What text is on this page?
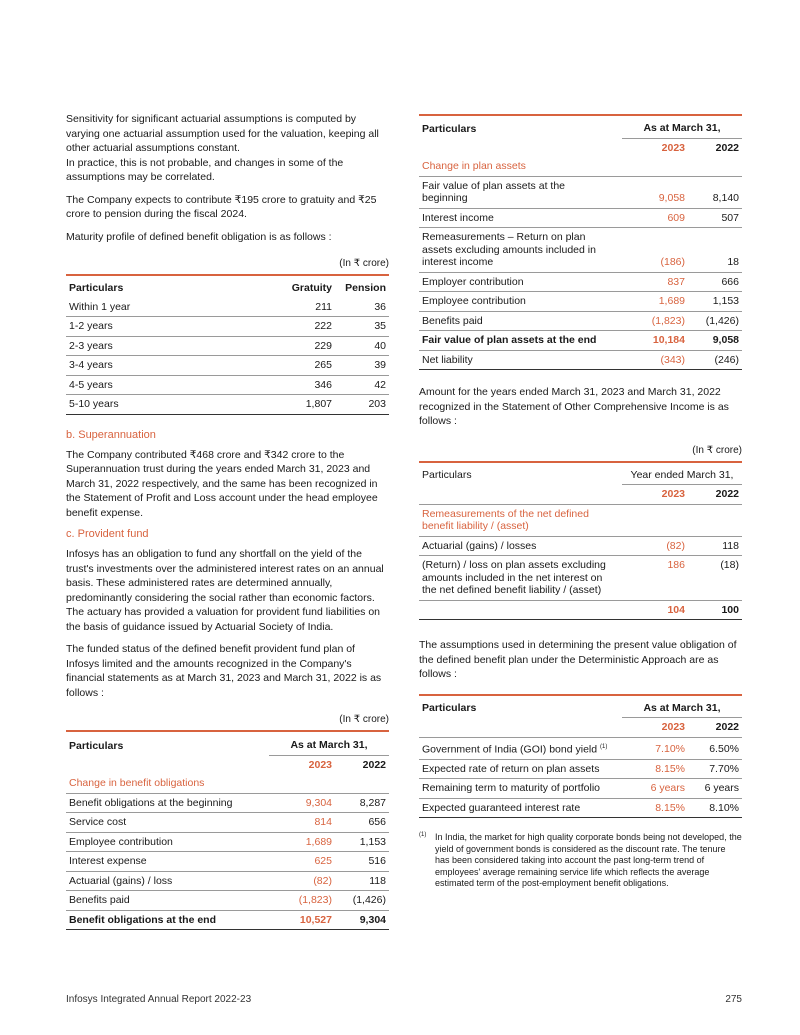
Sensitivity for significant actuarial assumptions is computed by varying one actuarial assumption used for the valuation, keeping all other actuarial assumptions constant.
In practice, this is not probable, and changes in some of the assumptions may be correlated.

The Company expects to contribute ₹195 crore to gratuity and ₹25 crore to pension during the fiscal 2024.

Maturity profile of defined benefit obligation is as follows :

(In ₹ crore)
Particulars	Gratuity	Pension
Within 1 year	211	36
1-2 years	222	35
2-3 years	229	40
3-4 years	265	39
4-5 years	346	42
5-10 years	1,807	203
b. Superannuation

The Company contributed ₹468 crore and ₹342 crore to the Superannuation trust during the years ended March 31, 2023 and March 31, 2022 respectively, and the same has been recognized in the Statement of Profit and Loss account under the head employee benefit expense.

c. Provident fund

Infosys has an obligation to fund any shortfall on the yield of the trust's investments over the administered interest rates on an annual basis. These administered rates are determined annually, predominantly considering the social rather than economic factors. The actuary has provided a valuation for provident fund liabilities on the basis of guidance issued by Actuarial Society of India.

The funded status of the defined benefit provident fund plan of Infosys limited and the amounts recognized in the Company's financial statements as at March 31, 2023 and March 31, 2022 is as follows :

(In ₹ crore)
Particulars	As at March 31,	
	2023	2022
Change in benefit obligations		
Benefit obligations at the beginning	9,304	8,287
Service cost	814	656
Employee contribution	1,689	1,153
Interest expense	625	516
Actuarial (gains) / loss	(82)	118
Benefits paid	(1,823)	(1,426)
Benefit obligations at the end	10,527	9,304
Particulars	As at March 31,	
	2023	2022
Change in plan assets		
Fair value of plan assets at the beginning	9,058	8,140
Interest income	609	507
Remeasurements – Return on plan assets excluding amounts included in interest income	(186)	18
Employer contribution	837	666
Employee contribution	1,689	1,153
Benefits paid	(1,823)	(1,426)
Fair value of plan assets at the end	10,184	9,058
Net liability	(343)	(246)

Amount for the years ended March 31, 2023 and March 31, 2022 recognized in the Statement of Other Comprehensive Income is as follows :

(In ₹ crore)
Particulars	Year ended March 31,	
	2023	2022
Remeasurements of the net defined benefit liability / (asset)		
Actuarial (gains) / losses	(82)	118
(Return) / loss on plan assets excluding amounts included in the net interest on the net defined benefit liability / (asset)	186	(18)
	104	100

The assumptions used in determining the present value obligation of the defined benefit plan under the Deterministic Approach are as follows :

Particulars	As at March 31,	
	2023	2022
Government of India (GOI) bond yield $^{(1)}$	7.10%	6.50%
Expected rate of return on plan assets	8.15%	7.70%
Remaining term to maturity of portfolio	6 years	6 years
Expected guaranteed interest rate	8.15%	8.10%
(1) In India, the market for high quality corporate bonds being not developed, the yield of government bonds is considered as the discount rate. The tenure has been considered taking into account the past long-term trend of employees' average remaining service life which reflects the average estimated term of the post-employment benefit obligations.
Infosys Integrated Annual Report 2022-23	275
